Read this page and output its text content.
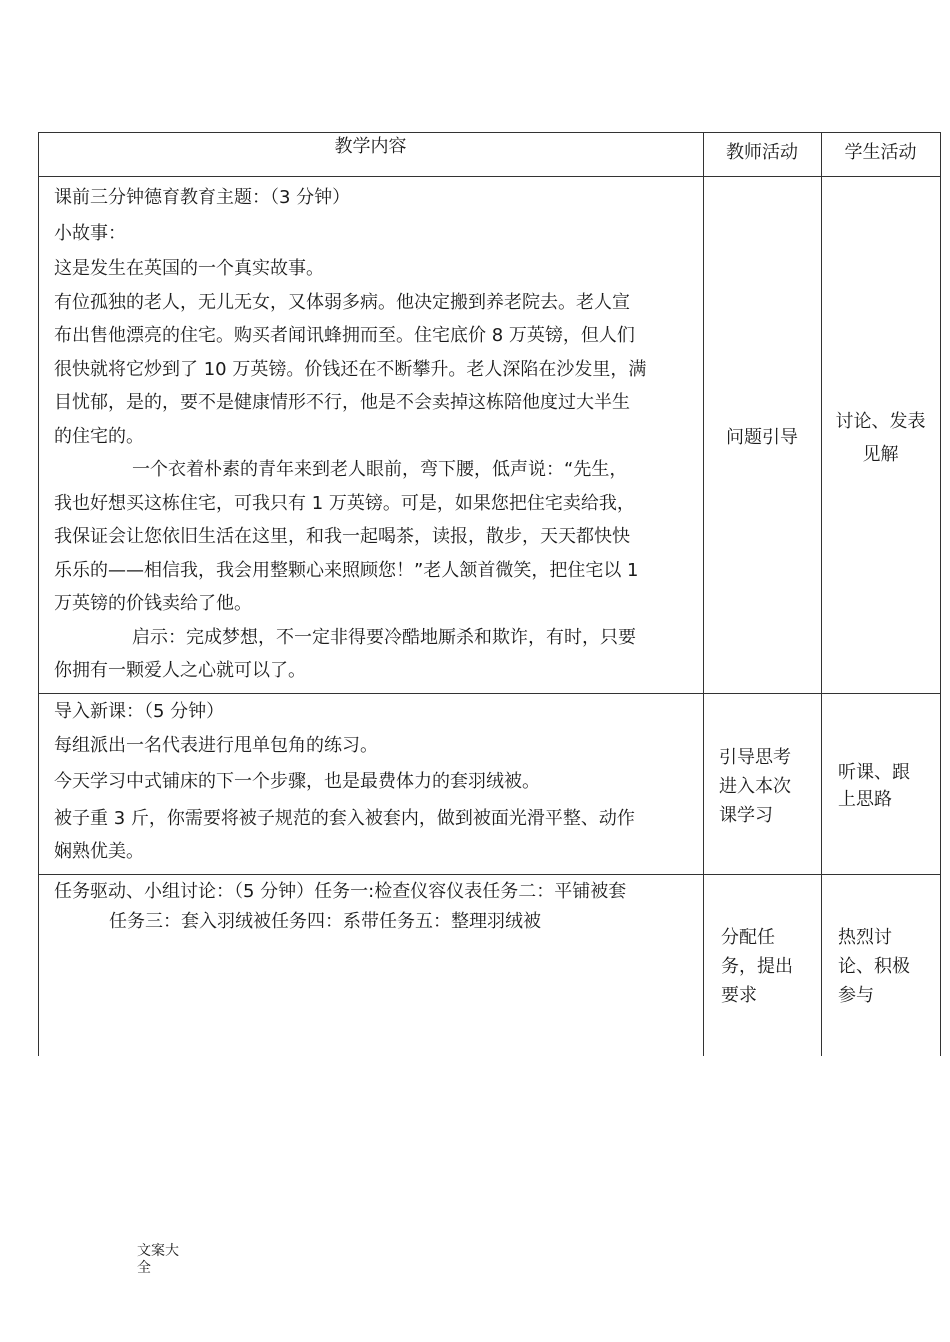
教学内容	教师活动	学生活动

课前三分钟德育教育主题：（3 分钟）

小故事：

这是发生在英国的一个真实故事。

有位孤独的老人，无儿无女，又体弱多病。他决定搬到养老院去。老人宣

布出售他漂亮的住宅。购买者闻讯蜂拥而至。住宅底价 8 万英镑，但人们

很快就将它炒到了 10 万英镑。价钱还在不断攀升。老人深陷在沙发里，满

目忧郁，是的，要不是健康情形不行，他是不会卖掉这栋陪他度过大半生

的住宅的。

一个衣着朴素的青年来到老人眼前，弯下腰，低声说：“先生，

我也好想买这栋住宅，可我只有 1 万英镑。可是，如果您把住宅卖给我，

我保证会让您依旧生活在这里，和我一起喝茶，读报，散步，天天都快快

乐乐的——相信我，我会用整颗心来照顾您！”老人颔首微笑，把住宅以 1

万英镑的价钱卖给了他。

启示：完成梦想，不一定非得要冷酷地厮杀和欺诈，有时，只要

你拥有一颗爱人之心就可以了。

问题引导
讨论、发表
见解

导入新课：（5 分钟）

每组派出一名代表进行甩单包角的练习。

今天学习中式铺床的下一个步骤，也是最费体力的套羽绒被。

被子重 3 斤，你需要将被子规范的套入被套内，做到被面光滑平整、动作

娴熟优美。

引导思考
进入本次
课学习
听课、跟
上思路

任务驱动、小组讨论：（5 分钟）任务一:检查仪容仪表任务二：平铺被套

任务三：套入羽绒被任务四：系带任务五：整理羽绒被

分配任
务，提出
要求
热烈讨
论、积极
参与
文案大全
